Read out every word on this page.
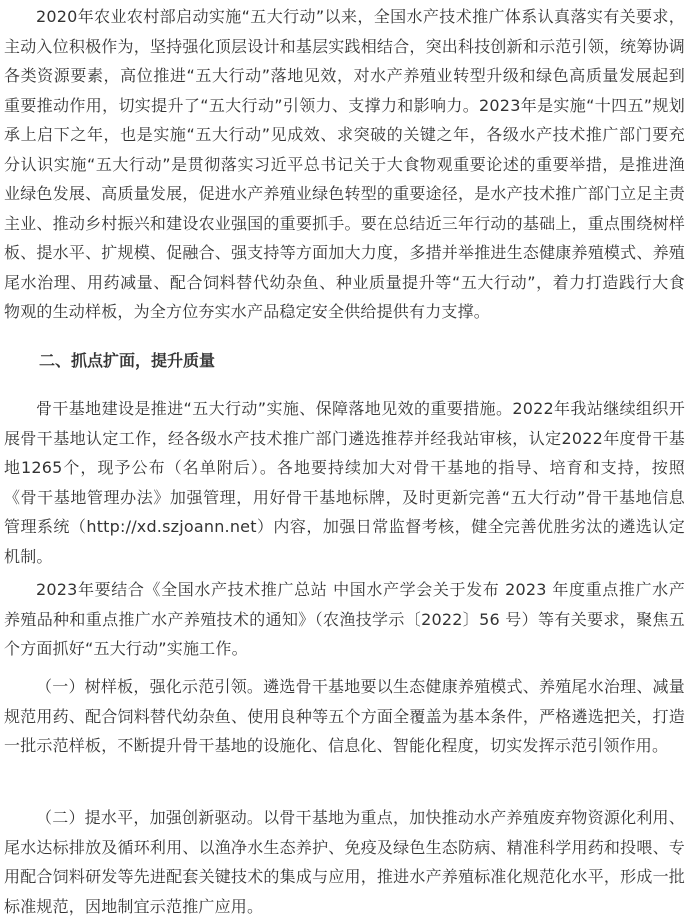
2020年农业农村部启动实施“五大行动”以来，全国水产技术推广体系认真落实有关要求，主动入位积极作为，坚持强化顶层设计和基层实践相结合，突出科技创新和示范引领，统筹协调各类资源要素，高位推进“五大行动”落地见效，对水产养殖业转型升级和绿色高质量发展起到重要推动作用，切实提升了“五大行动”引领力、支撑力和影响力。2023年是实施“十四五”规划承上启下之年，也是实施“五大行动”见成效、求突破的关键之年，各级水产技术推广部门要充分认识实施“五大行动”是贯彻落实习近平总书记关于大食物观重要论述的重要举措，是推进渔业绿色发展、高质量发展，促进水产养殖业绿色转型的重要途径，是水产技术推广部门立足主责主业、推动乡村振兴和建设农业强国的重要抓手。要在总结近三年行动的基础上，重点围绕树样板、提水平、扩规模、促融合、强支持等方面加大力度，多措并举推进生态健康养殖模式、养殖尾水治理、用药减量、配合饲料替代幼杂鱼、种业质量提升等“五大行动”，着力打造践行大食物观的生动样板，为全方位夯实水产品稳定安全供给提供有力支撑。

二、抓点扩面，提升质量

骨干基地建设是推进“五大行动”实施、保障落地见效的重要措施。2022年我站继续组织开展骨干基地认定工作，经各级水产技术推广部门遴选推荐并经我站审核，认定2022年度骨干基地1265个，现予公布（名单附后）。各地要持续加大对骨干基地的指导、培育和支持，按照《骨干基地管理办法》加强管理，用好骨干基地标牌，及时更新完善“五大行动”骨干基地信息管理系统（http://xd.szjoann.net）内容，加强日常监督考核，健全完善优胜劣汰的遴选认定机制。

2023年要结合《全国水产技术推广总站 中国水产学会关于发布 2023 年度重点推广水产养殖品种和重点推广水产养殖技术的通知》（农渔技学示〔2022〕56 号）等有关要求，聚焦五个方面抓好“五大行动”实施工作。

（一）树样板，强化示范引领。遴选骨干基地要以生态健康养殖模式、养殖尾水治理、减量规范用药、配合饲料替代幼杂鱼、使用良种等五个方面全覆盖为基本条件，严格遴选把关，打造一批示范样板，不断提升骨干基地的设施化、信息化、智能化程度，切实发挥示范引领作用。

（二）提水平，加强创新驱动。以骨干基地为重点，加快推动水产养殖废弃物资源化利用、尾水达标排放及循环利用、以渔净水生态养护、免疫及绿色生态防病、精准科学用药和投喂、专用配合饲料研发等先进配套关键技术的集成与应用，推进水产养殖标准化规范化水平，形成一批标准规范，因地制宜示范推广应用。
